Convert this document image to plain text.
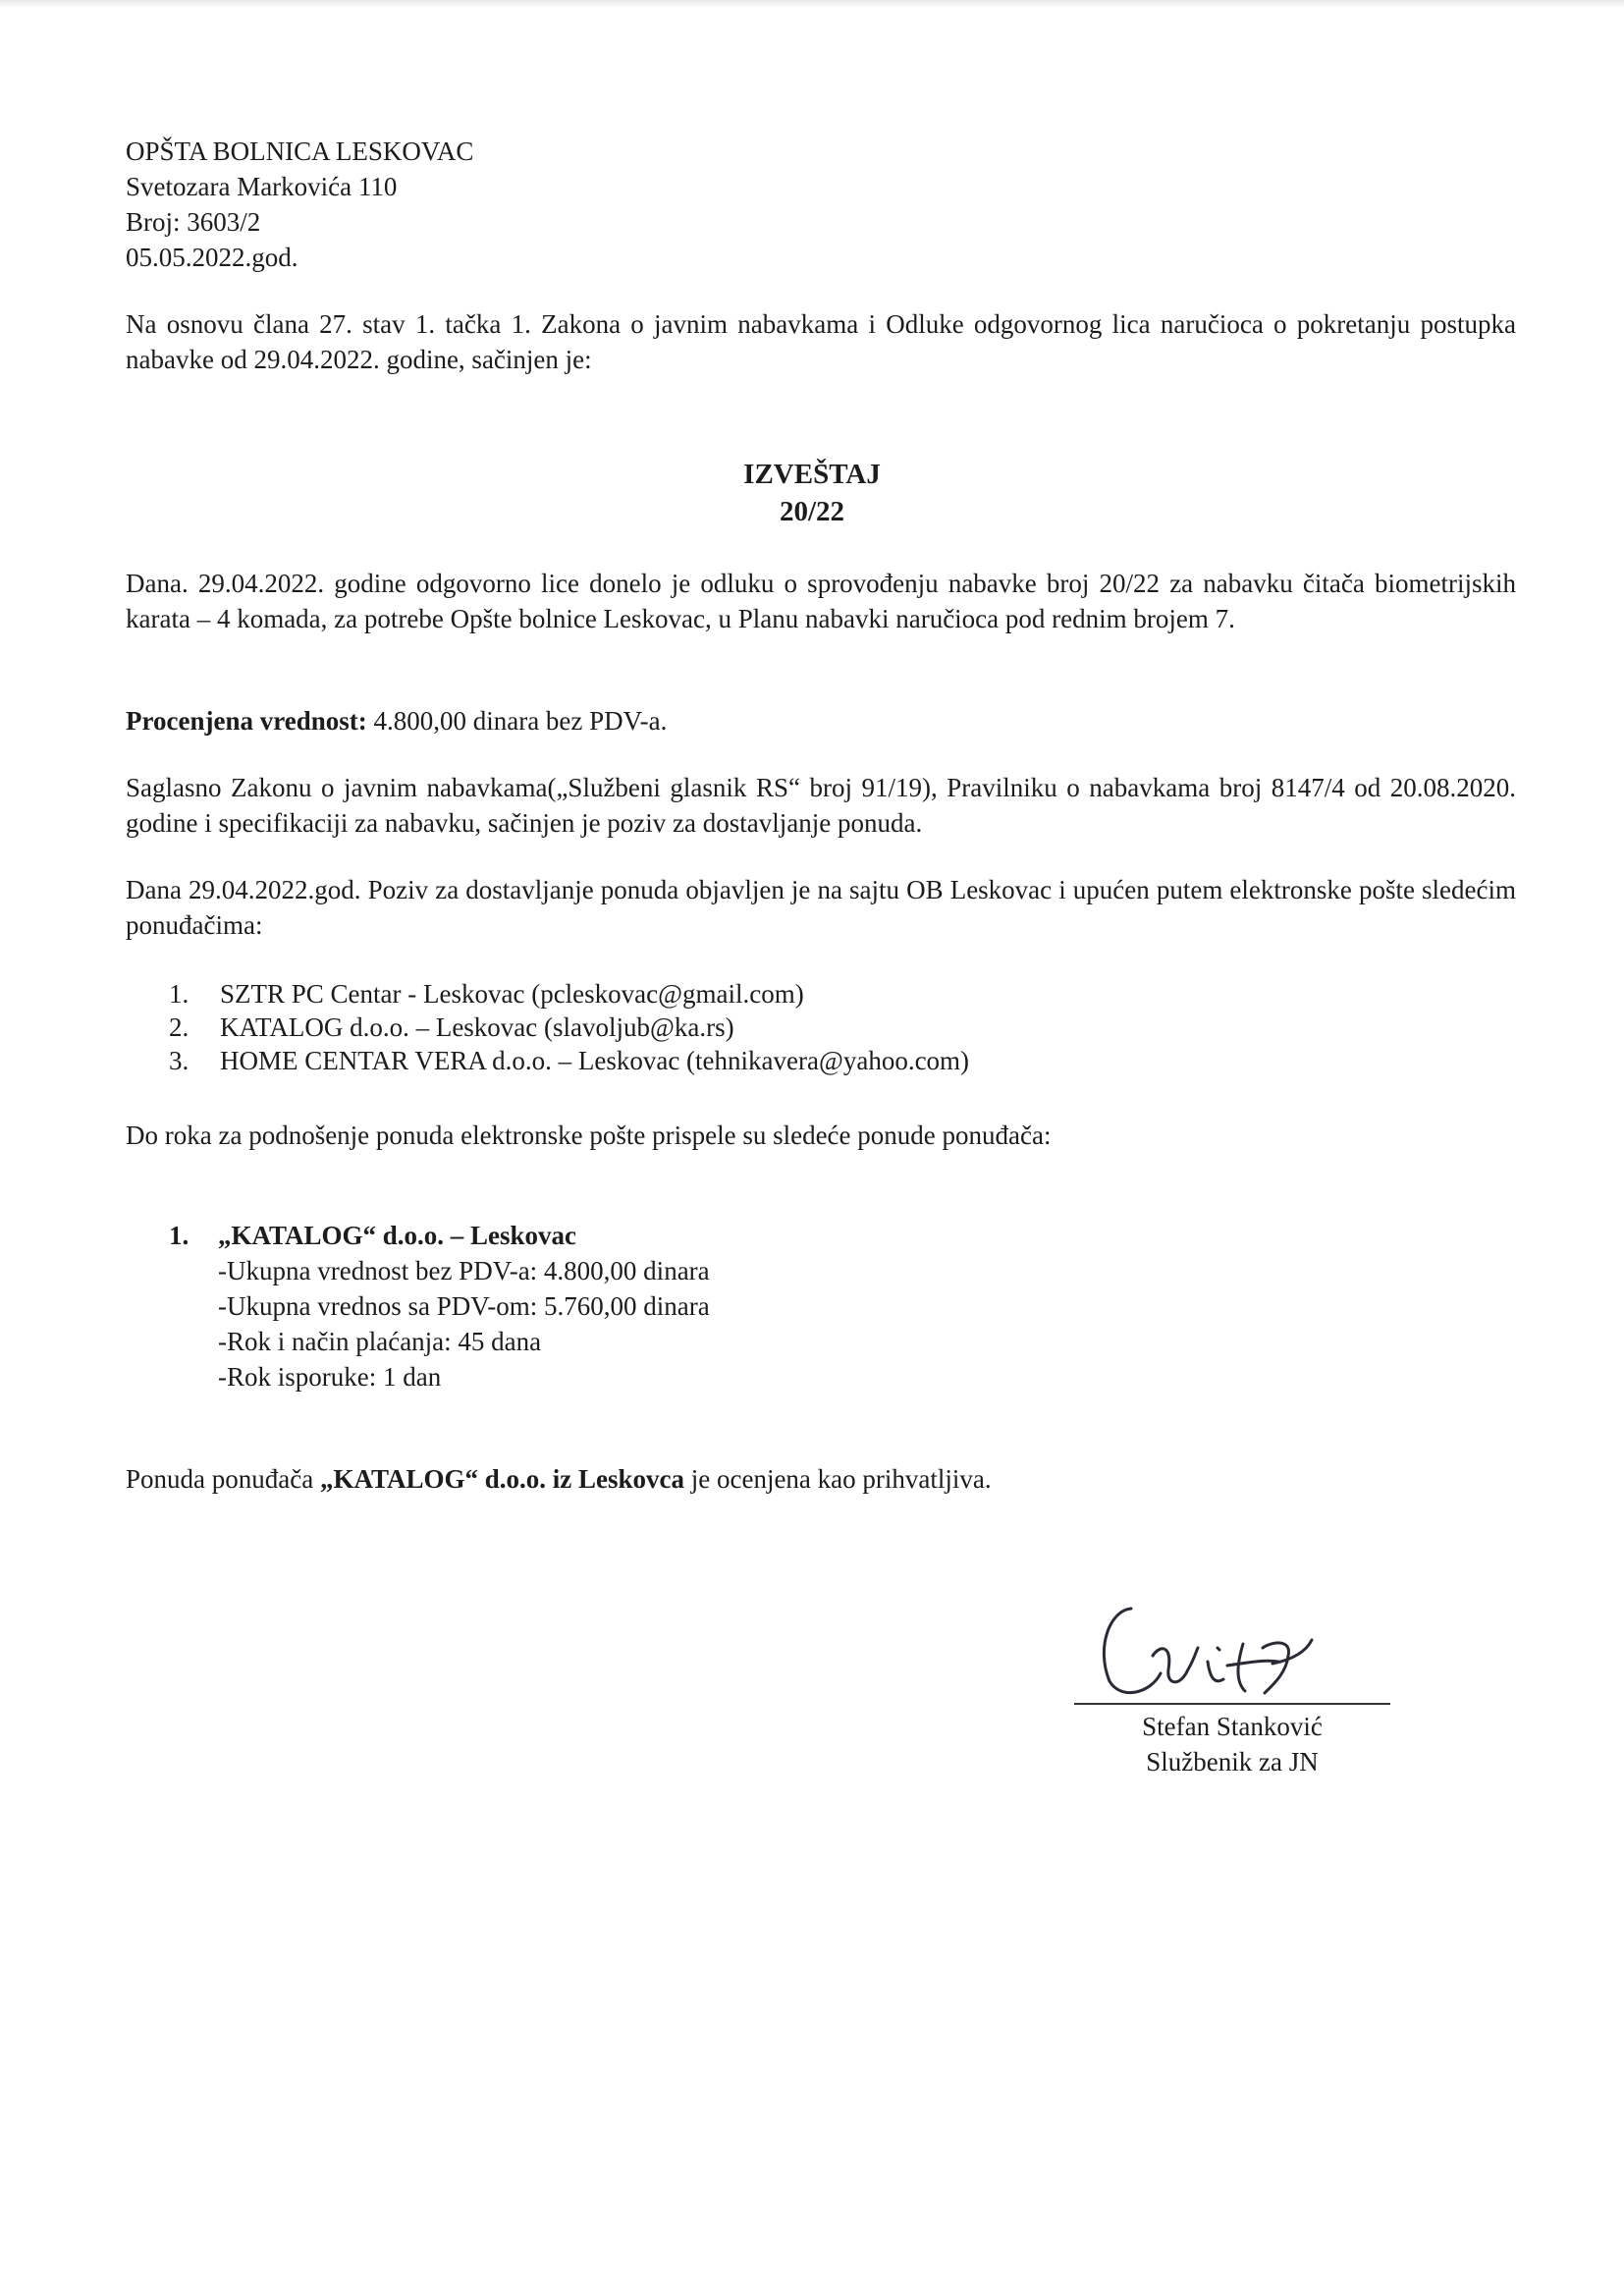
OPŠTA BOLNICA LESKOVAC
Svetozara Markovića 110
Broj: 3603/2
05.05.2022.god.
Na osnovu člana 27. stav 1. tačka 1. Zakona o javnim nabavkama i Odluke odgovornog lica naručioca o pokretanju postupka nabavke od 29.04.2022. godine, sačinjen je:
IZVEŠTAJ
20/22
Dana. 29.04.2022. godine odgovorno lice donelo je odluku o sprovođenju nabavke broj 20/22 za nabavku čitača biometrijskih karata – 4 komada, za potrebe Opšte bolnice Leskovac, u Planu nabavki naručioca pod rednim brojem 7.
Procenjena vrednost: 4.800,00 dinara bez PDV-a.
Saglasno Zakonu o javnim nabavkama(„Službeni glasnik RS“ broj 91/19), Pravilniku o nabavkama broj 8147/4 od 20.08.2020. godine i specifikaciji za nabavku, sačinjen je poziv za dostavljanje ponuda.
Dana 29.04.2022.god. Poziv za dostavljanje ponuda objavljen je na sajtu OB Leskovac i upućen putem elektronske pošte sledećim ponuđačima:
1.	SZTR PC Centar - Leskovac (pcleskovac@gmail.com)
2.	KATALOG d.o.o. – Leskovac (slavoljub@ka.rs)
3.	HOME CENTAR VERA d.o.o. – Leskovac (tehnikavera@yahoo.com)
Do roka za podnošenje ponuda elektronske pošte prispele su sledeće ponude ponuđača:
1.	„KATALOG“ d.o.o. – Leskovac
-Ukupna vrednost bez PDV-a: 4.800,00 dinara
-Ukupna vrednos sa PDV-om: 5.760,00 dinara
-Rok i način plaćanja: 45 dana
-Rok isporuke: 1 dan
Ponuda ponuđača „KATALOG“ d.o.o. iz Leskovca je ocenjena kao prihvatljiva.
Stefan Stanković
Službenik za JN
